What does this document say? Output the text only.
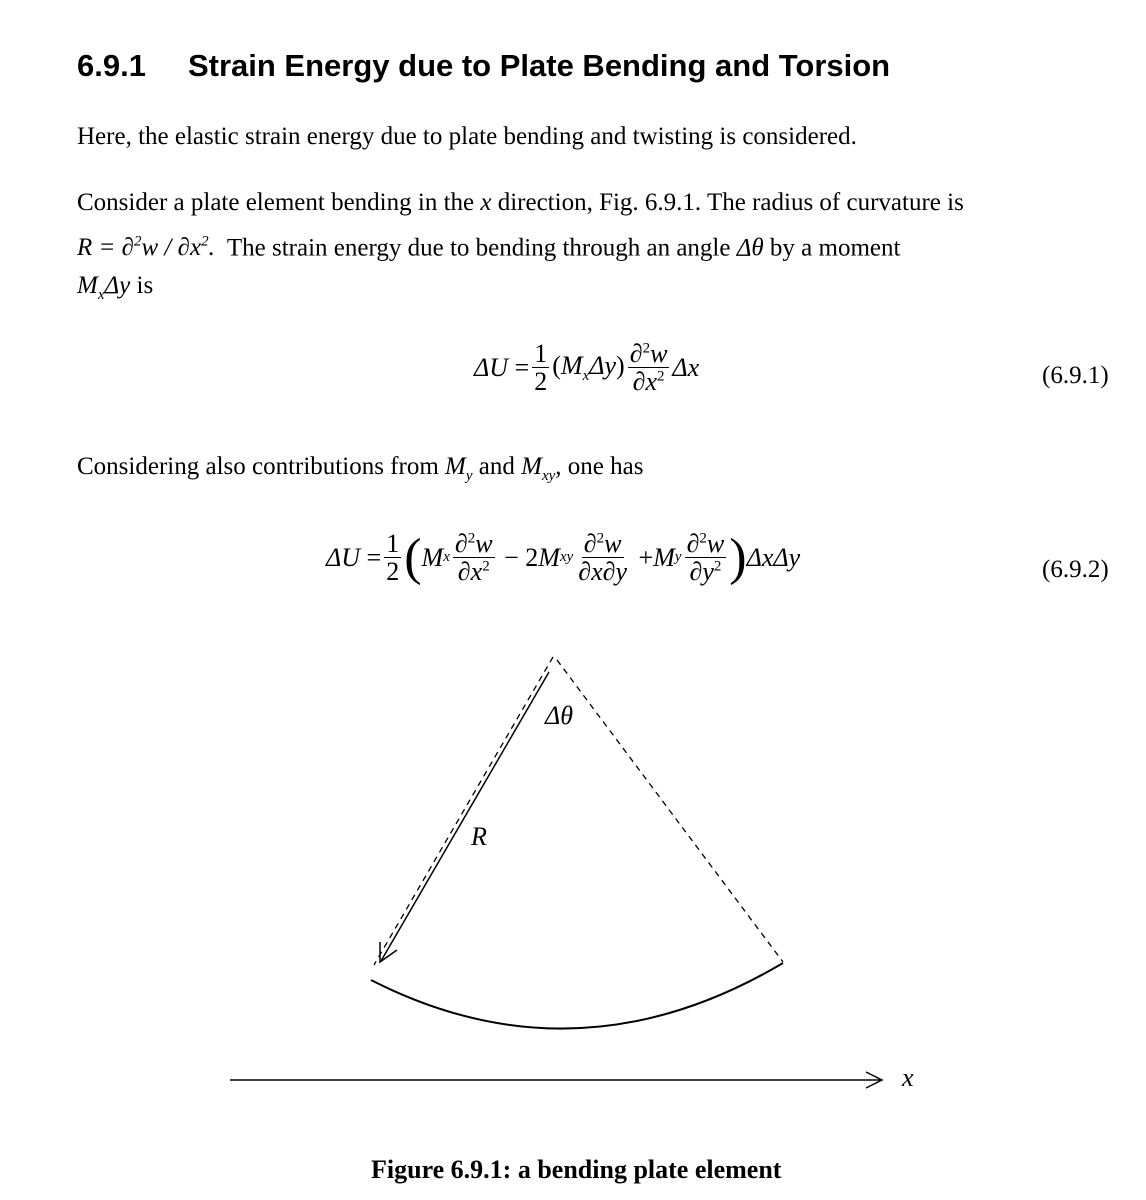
6.9.1 Strain Energy due to Plate Bending and Torsion
Here, the elastic strain energy due to plate bending and twisting is considered.
Consider a plate element bending in the x direction, Fig. 6.9.1. The radius of curvature is
$R = \partial^2w / \partial x^2$. The strain energy due to bending through an angle Δθ by a moment
$M_x\Delta y$ is
Δ $U = \frac{1}{2} (M_x\Delta y) \frac{\partial^2w}{\partial x^2}$ Δx	(6.9.1)
Considering also contributions from $M_y$ and $M_{xy}$, one has
Δ $U = \frac{1}{2}$ ( M x $\frac{\partial^2w}{\partial x^2} - 2$ M xy $\frac{\partial^2w}{\partial x\partial y} + M$ y $\frac{\partial^2w}{\partial y^2}$ ) ΔxΔy	(6.9.2)
Δθ
R
x
Figure 6.9.1: a bending plate element
